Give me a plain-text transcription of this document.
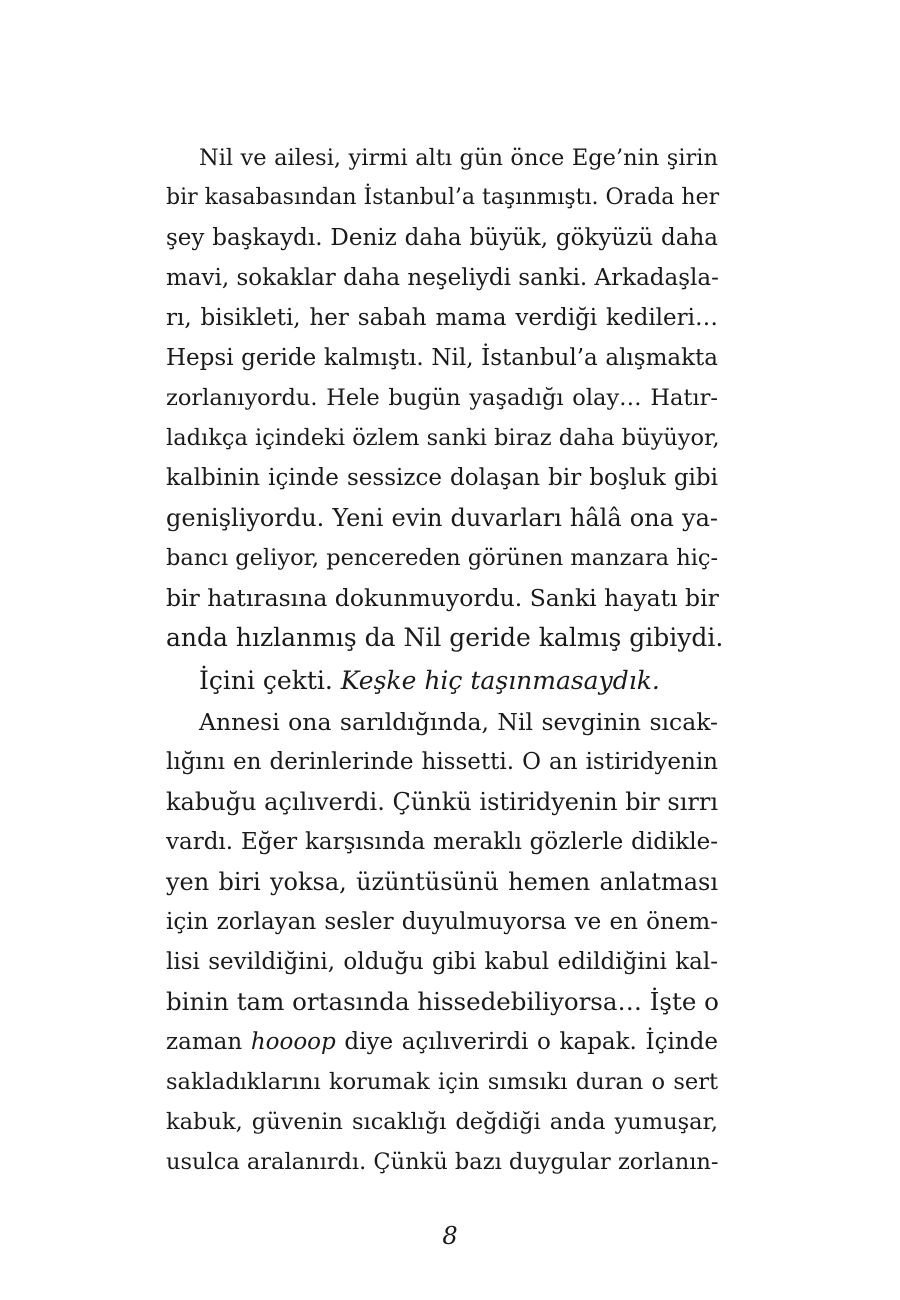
Nil ve ailesi, yirmi altı gün önce Ege’nin şirin
bir kasabasından İstanbul’a taşınmıştı. Orada her
şey başkaydı. Deniz daha büyük, gökyüzü daha
mavi, sokaklar daha neşeliydi sanki. Arkadaşla-
rı, bisikleti, her sabah mama verdiği kedileri…
Hepsi geride kalmıştı. Nil, İstanbul’a alışmakta
zorlanıyordu. Hele bugün yaşadığı olay… Hatır-
ladıkça içindeki özlem sanki biraz daha büyüyor,
kalbinin içinde sessizce dolaşan bir boşluk gibi
genişliyordu. Yeni evin duvarları hâlâ ona ya-
bancı geliyor, pencereden görünen manzara hiç-
bir hatırasına dokunmuyordu. Sanki hayatı bir
anda hızlanmış da Nil geride kalmış gibiydi.
İçini çekti. Keşke hiç taşınmasaydık.
Annesi ona sarıldığında, Nil sevginin sıcak-
lığını en derinlerinde hissetti. O an istiridyenin
kabuğu açılıverdi. Çünkü istiridyenin bir sırrı
vardı. Eğer karşısında meraklı gözlerle didikle-
yen biri yoksa, üzüntüsünü hemen anlatması
için zorlayan sesler duyulmuyorsa ve en önem-
lisi sevildiğini, olduğu gibi kabul edildiğini kal-
binin tam ortasında hissedebiliyorsa… İşte o
zaman hoooop diye açılıverirdi o kapak. İçinde
sakladıklarını korumak için sımsıkı duran o sert
kabuk, güvenin sıcaklığı değdiği anda yumuşar,
usulca aralanırdı. Çünkü bazı duygular zorlanın-
8
